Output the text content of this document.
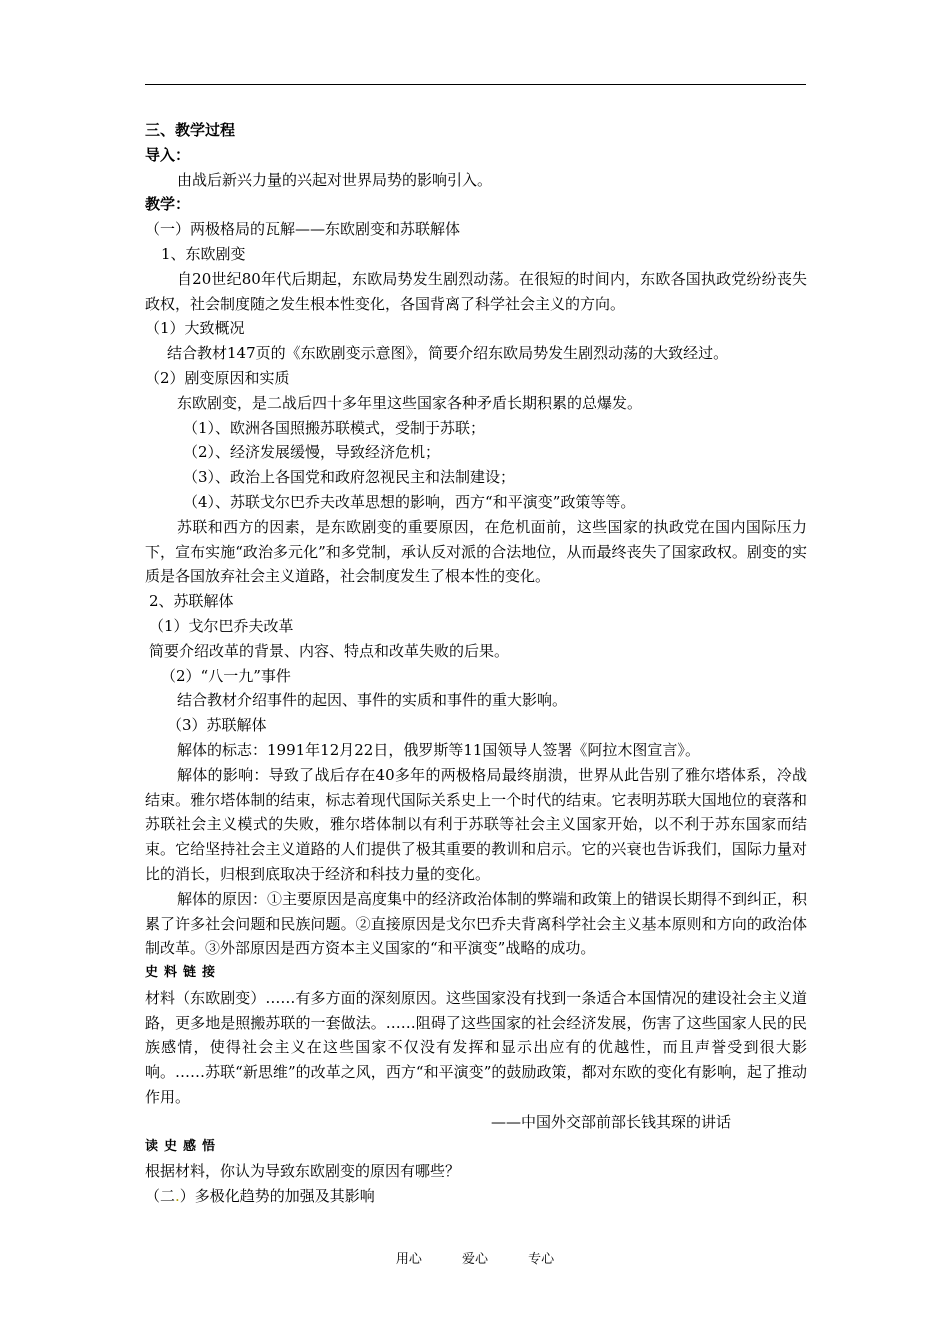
三、教学过程
导入：
由战后新兴力量的兴起对世界局势的影响引入。
教学：
（一）两极格局的瓦解——东欧剧变和苏联解体
1、东欧剧变
自20世纪80年代后期起，东欧局势发生剧烈动荡。在很短的时间内，东欧各国执政党纷纷丧失政权，社会制度随之发生根本性变化，各国背离了科学社会主义的方向。
（1）大致概况
结合教材147页的《东欧剧变示意图》，简要介绍东欧局势发生剧烈动荡的大致经过。
（2）剧变原因和实质
东欧剧变，是二战后四十多年里这些国家各种矛盾长期积累的总爆发。
（1）、欧洲各国照搬苏联模式，受制于苏联；
（2）、经济发展缓慢，导致经济危机；
（3）、政治上各国党和政府忽视民主和法制建设；
（4）、苏联戈尔巴乔夫改革思想的影响，西方“和平演变”政策等等。
苏联和西方的因素，是东欧剧变的重要原因，在危机面前，这些国家的执政党在国内国际压力下，宣布实施“政治多元化”和多党制，承认反对派的合法地位，从而最终丧失了国家政权。剧变的实质是各国放弃社会主义道路，社会制度发生了根本性的变化。
2、苏联解体
（1）戈尔巴乔夫改革
简要介绍改革的背景、内容、特点和改革失败的后果。
（2）“八一九”事件
结合教材介绍事件的起因、事件的实质和事件的重大影响。
（3）苏联解体
解体的标志：1991年12月22日，俄罗斯等11国领导人签署《阿拉木图宣言》。
解体的影响：导致了战后存在40多年的两极格局最终崩溃，世界从此告别了雅尔塔体系，冷战结束。雅尔塔体制的结束，标志着现代国际关系史上一个时代的结束。它表明苏联大国地位的衰落和苏联社会主义模式的失败，雅尔塔体制以有利于苏联等社会主义国家开始，以不利于苏东国家而结束。它给坚持社会主义道路的人们提供了极其重要的教训和启示。它的兴衰也告诉我们，国际力量对比的消长，归根到底取决于经济和科技力量的变化。
解体的原因：①主要原因是高度集中的经济政治体制的弊端和政策上的错误长期得不到纠正，积累了许多社会问题和民族问题。②直接原因是戈尔巴乔夫背离科学社会主义基本原则和方向的政治体制改革。③外部原因是西方资本主义国家的“和平演变”战略的成功。
史料链接
材料（东欧剧变）……有多方面的深刻原因。这些国家没有找到一条适合本国情况的建设社会主义道路，更多地是照搬苏联的一套做法。……阻碍了这些国家的社会经济发展，伤害了这些国家人民的民族感情，使得社会主义在这些国家不仅没有发挥和显示出应有的优越性，而且声誉受到很大影响。……苏联“新思维”的改革之风，西方“和平演变”的鼓励政策，都对东欧的变化有影响，起了推动作用。
——中国外交部前部长钱其琛的讲话
读史感悟
根据材料，你认为导致东欧剧变的原因有哪些？
（二.）多极化趋势的加强及其影响
用心	爱心	专心
